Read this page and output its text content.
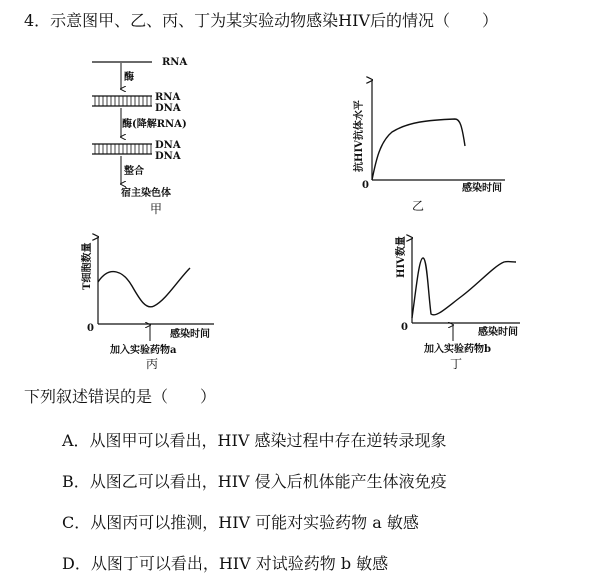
4．示意图甲、乙、丙、丁为某实验动物感染HIV后的情况（　　）
RNA
酶
RNA
DNA
酶(降解RNA)
DNA
DNA
整合
宿主染色体
甲
抗HIV抗体水平
0	感染时间
乙
T细胞数量
0
感染时间
加入实验药物a
丙
HIV数量
0	感染时间
加入实验药物b
丁
下列叙述错误的是（　　）
A．从图甲可以看出，HIV 感染过程中存在逆转录现象
B．从图乙可以看出，HIV 侵入后机体能产生体液免疫
C．从图丙可以推测，HIV 可能对实验药物 a 敏感
D．从图丁可以看出，HIV 对试验药物 b 敏感
